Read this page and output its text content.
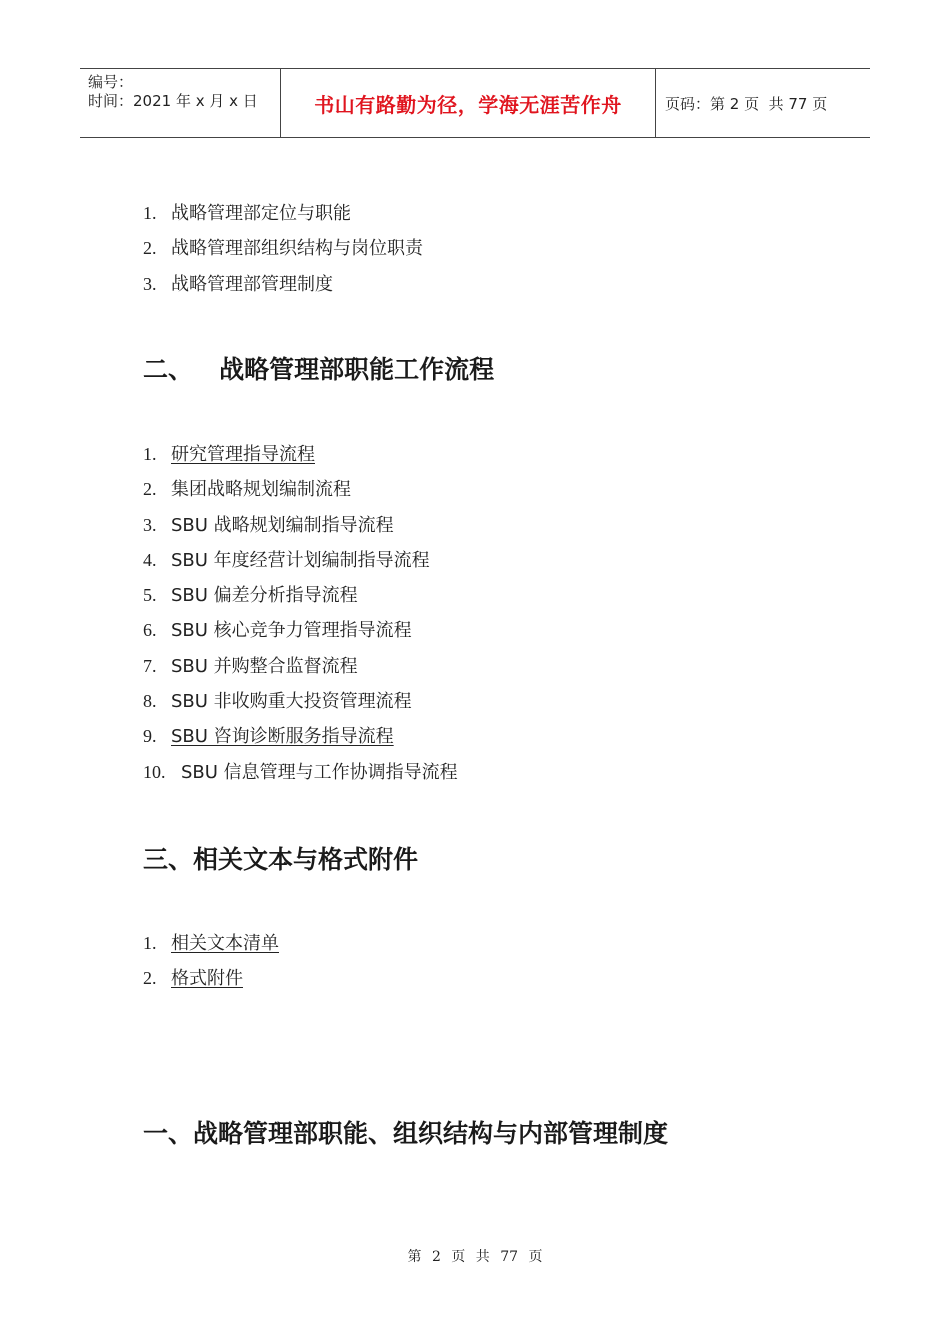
编号：
时间：2021 年 x 月 x 日	书山有路勤为径，学海无涯苦作舟	页码：第 2 页  共 77 页
1. 战略管理部定位与职能
2. 战略管理部组织结构与岗位职责
3. 战略管理部管理制度
二、   战略管理部职能工作流程
1. 研究管理指导流程
2. 集团战略规划编制流程
3. SBU 战略规划编制指导流程
4. SBU 年度经营计划编制指导流程
5. SBU 偏差分析指导流程
6. SBU 核心竞争力管理指导流程
7. SBU 并购整合监督流程
8. SBU 非收购重大投资管理流程
9. SBU 咨询诊断服务指导流程
10. SBU 信息管理与工作协调指导流程
三、相关文本与格式附件
1. 相关文本清单
2. 格式附件
一、战略管理部职能、组织结构与内部管理制度
第 2 页 共 77 页
